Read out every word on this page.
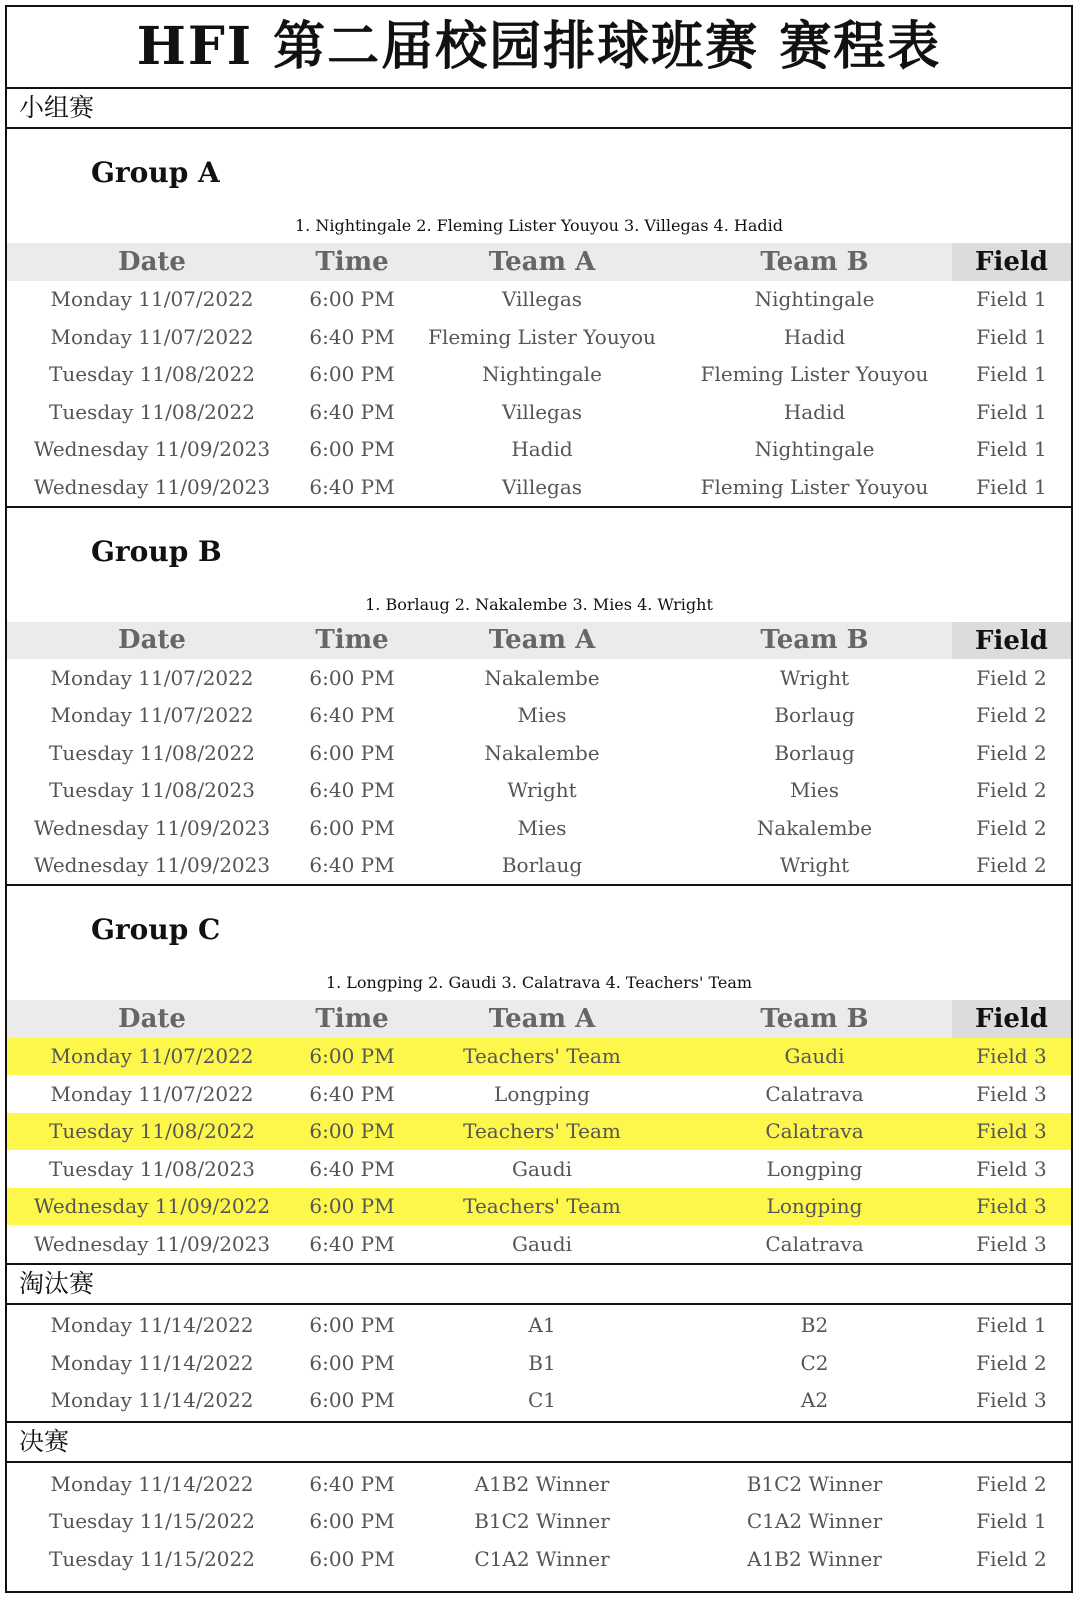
HFI 第二届校园排球班赛 赛程表
小组赛
Group A
1. Nightingale 2. Fleming Lister Youyou 3. Villegas 4. Hadid
Date	Time	Team A	Team B	Field
Monday 11/07/2022	6:00 PM	Villegas	Nightingale	Field 1
Monday 11/07/2022	6:40 PM	Fleming Lister Youyou	Hadid	Field 1
Tuesday 11/08/2022	6:00 PM	Nightingale	Fleming Lister Youyou	Field 1
Tuesday 11/08/2022	6:40 PM	Villegas	Hadid	Field 1
Wednesday 11/09/2023	6:00 PM	Hadid	Nightingale	Field 1
Wednesday 11/09/2023	6:40 PM	Villegas	Fleming Lister Youyou	Field 1
Group B
1. Borlaug 2. Nakalembe 3. Mies 4. Wright
Date	Time	Team A	Team B	Field
Monday 11/07/2022	6:00 PM	Nakalembe	Wright	Field 2
Monday 11/07/2022	6:40 PM	Mies	Borlaug	Field 2
Tuesday 11/08/2022	6:00 PM	Nakalembe	Borlaug	Field 2
Tuesday 11/08/2023	6:40 PM	Wright	Mies	Field 2
Wednesday 11/09/2023	6:00 PM	Mies	Nakalembe	Field 2
Wednesday 11/09/2023	6:40 PM	Borlaug	Wright	Field 2
Group C
1. Longping 2. Gaudi 3. Calatrava 4. Teachers' Team
Date	Time	Team A	Team B	Field
Monday 11/07/2022	6:00 PM	Teachers' Team	Gaudi	Field 3
Monday 11/07/2022	6:40 PM	Longping	Calatrava	Field 3
Tuesday 11/08/2022	6:00 PM	Teachers' Team	Calatrava	Field 3
Tuesday 11/08/2023	6:40 PM	Gaudi	Longping	Field 3
Wednesday 11/09/2022	6:00 PM	Teachers' Team	Longping	Field 3
Wednesday 11/09/2023	6:40 PM	Gaudi	Calatrava	Field 3
淘汰赛
Monday 11/14/2022	6:00 PM	A1	B2	Field 1
Monday 11/14/2022	6:00 PM	B1	C2	Field 2
Monday 11/14/2022	6:00 PM	C1	A2	Field 3
决赛
Monday 11/14/2022	6:40 PM	A1B2 Winner	B1C2 Winner	Field 2
Tuesday 11/15/2022	6:00 PM	B1C2 Winner	C1A2 Winner	Field 1
Tuesday 11/15/2022	6:00 PM	C1A2 Winner	A1B2 Winner	Field 2
